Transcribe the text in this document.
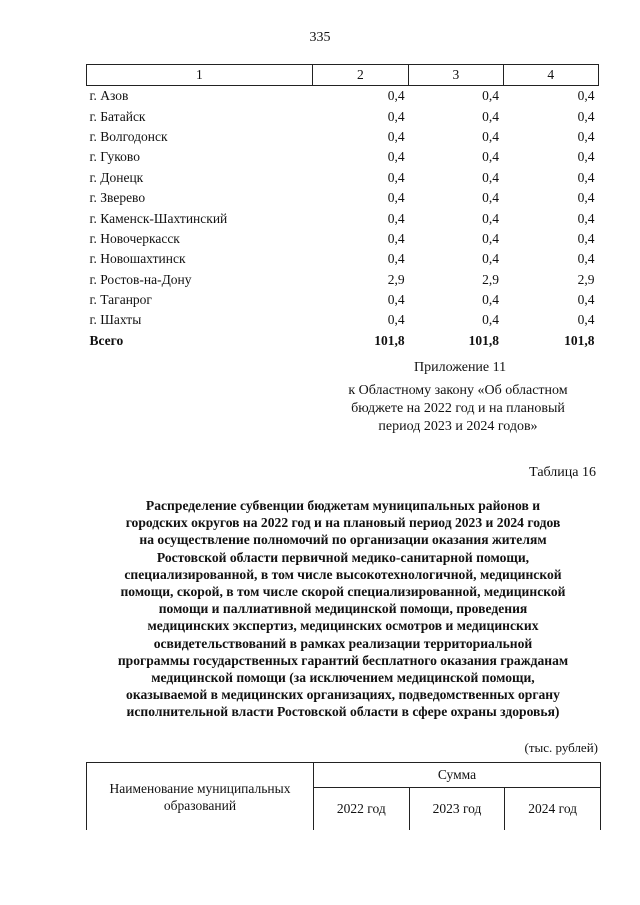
335
1	2	3	4
г. Азов	0,4	0,4	0,4
г. Батайск	0,4	0,4	0,4
г. Волгодонск	0,4	0,4	0,4
г. Гуково	0,4	0,4	0,4
г. Донецк	0,4	0,4	0,4
г. Зверево	0,4	0,4	0,4
г. Каменск-Шахтинский	0,4	0,4	0,4
г. Новочеркасск	0,4	0,4	0,4
г. Новошахтинск	0,4	0,4	0,4
г. Ростов-на-Дону	2,9	2,9	2,9
г. Таганрог	0,4	0,4	0,4
г. Шахты	0,4	0,4	0,4
Всего	101,8	101,8	101,8
Приложение 11
к Областному закону «Об областном
бюджете на 2022 год и на плановый
период 2023 и 2024 годов»
Таблица 16
Распределение субвенции бюджетам муниципальных районов и
городских округов на 2022 год и на плановый период 2023 и 2024 годов
на осуществление полномочий по организации оказания жителям
Ростовской области первичной медико-санитарной помощи,
специализированной, в том числе высокотехнологичной, медицинской
помощи, скорой, в том числе скорой специализированной, медицинской
помощи и паллиативной медицинской помощи, проведения
медицинских экспертиз, медицинских осмотров и медицинских
освидетельствований в рамках реализации территориальной
программы государственных гарантий бесплатного оказания гражданам
медицинской помощи (за исключением медицинской помощи,
оказываемой в медицинских организациях, подведомственных органу
исполнительной власти Ростовской области в сфере охраны здоровья)
(тыс. рублей)
Наименование муниципальных
образований	Сумма		
	2022 год	2023 год	2024 год
